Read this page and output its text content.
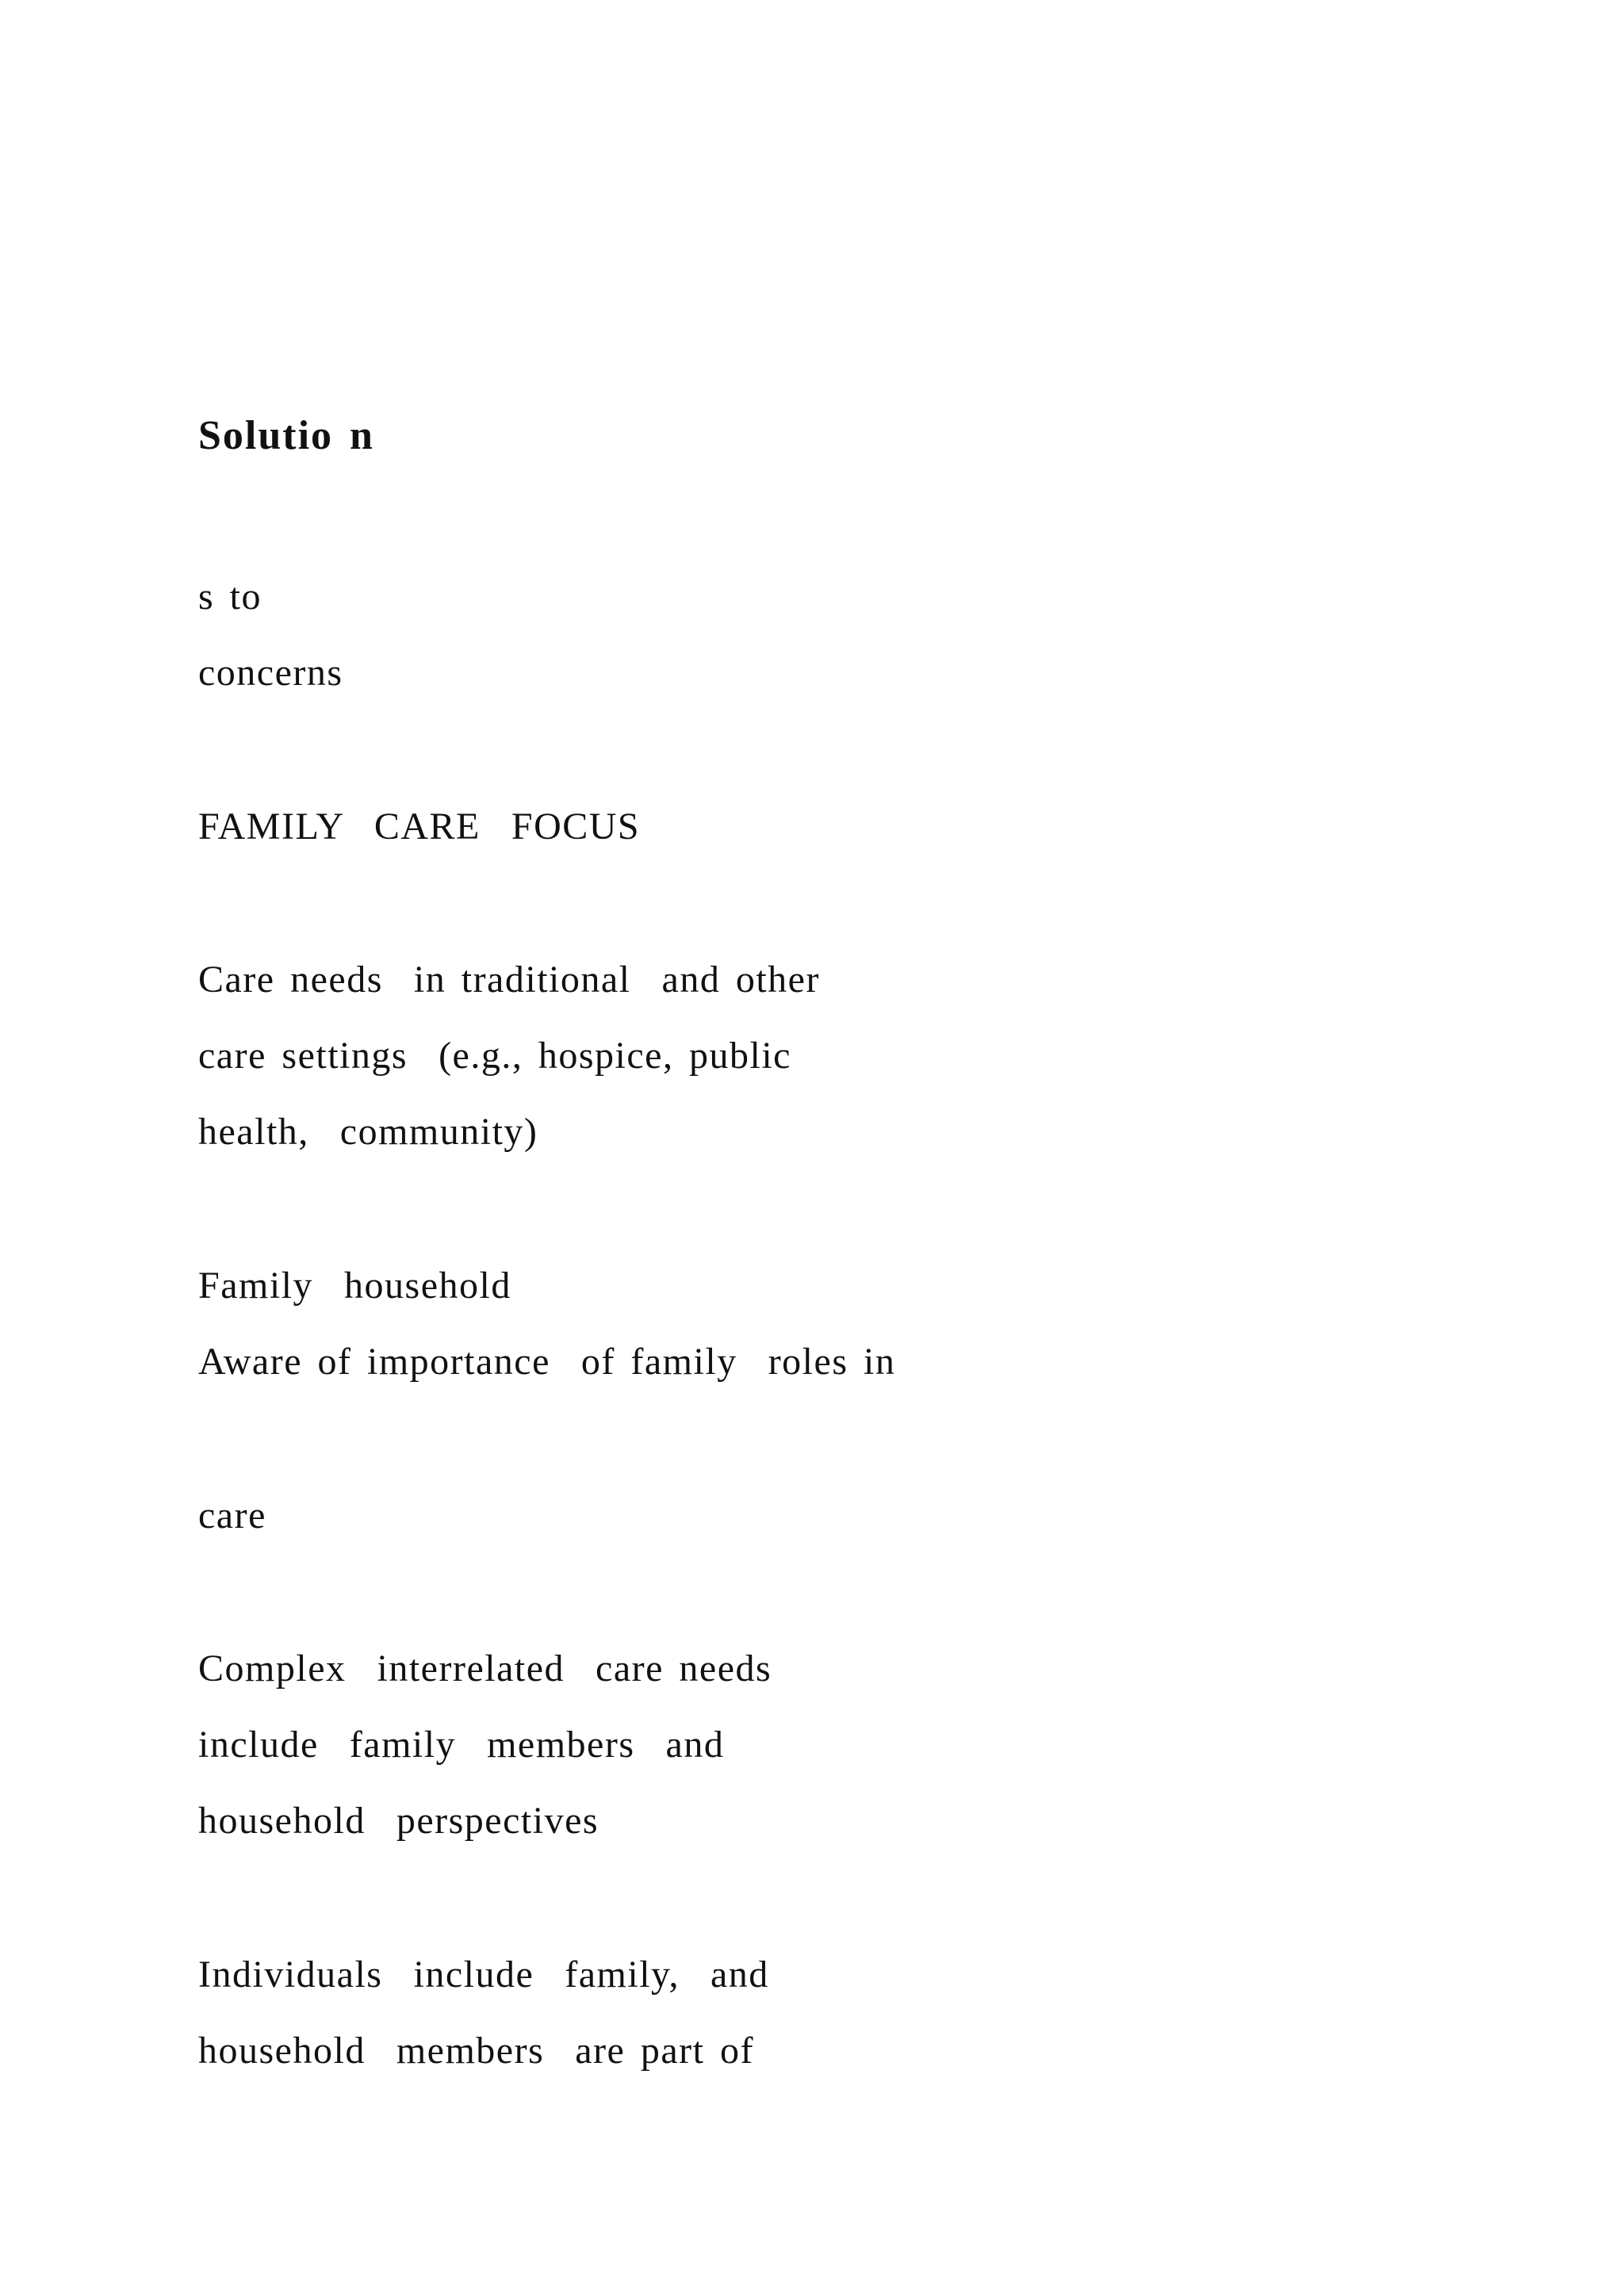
Solutio n
s to
concerns
FAMILY  CARE  FOCUS
Care needs  in traditional  and other
care settings  (e.g., hospice, public
health,  community)
Family  household
Aware of importance  of family  roles in
care
Complex  interrelated  care needs
include  family  members  and
household  perspectives
Individuals  include  family,  and
household  members  are part of
